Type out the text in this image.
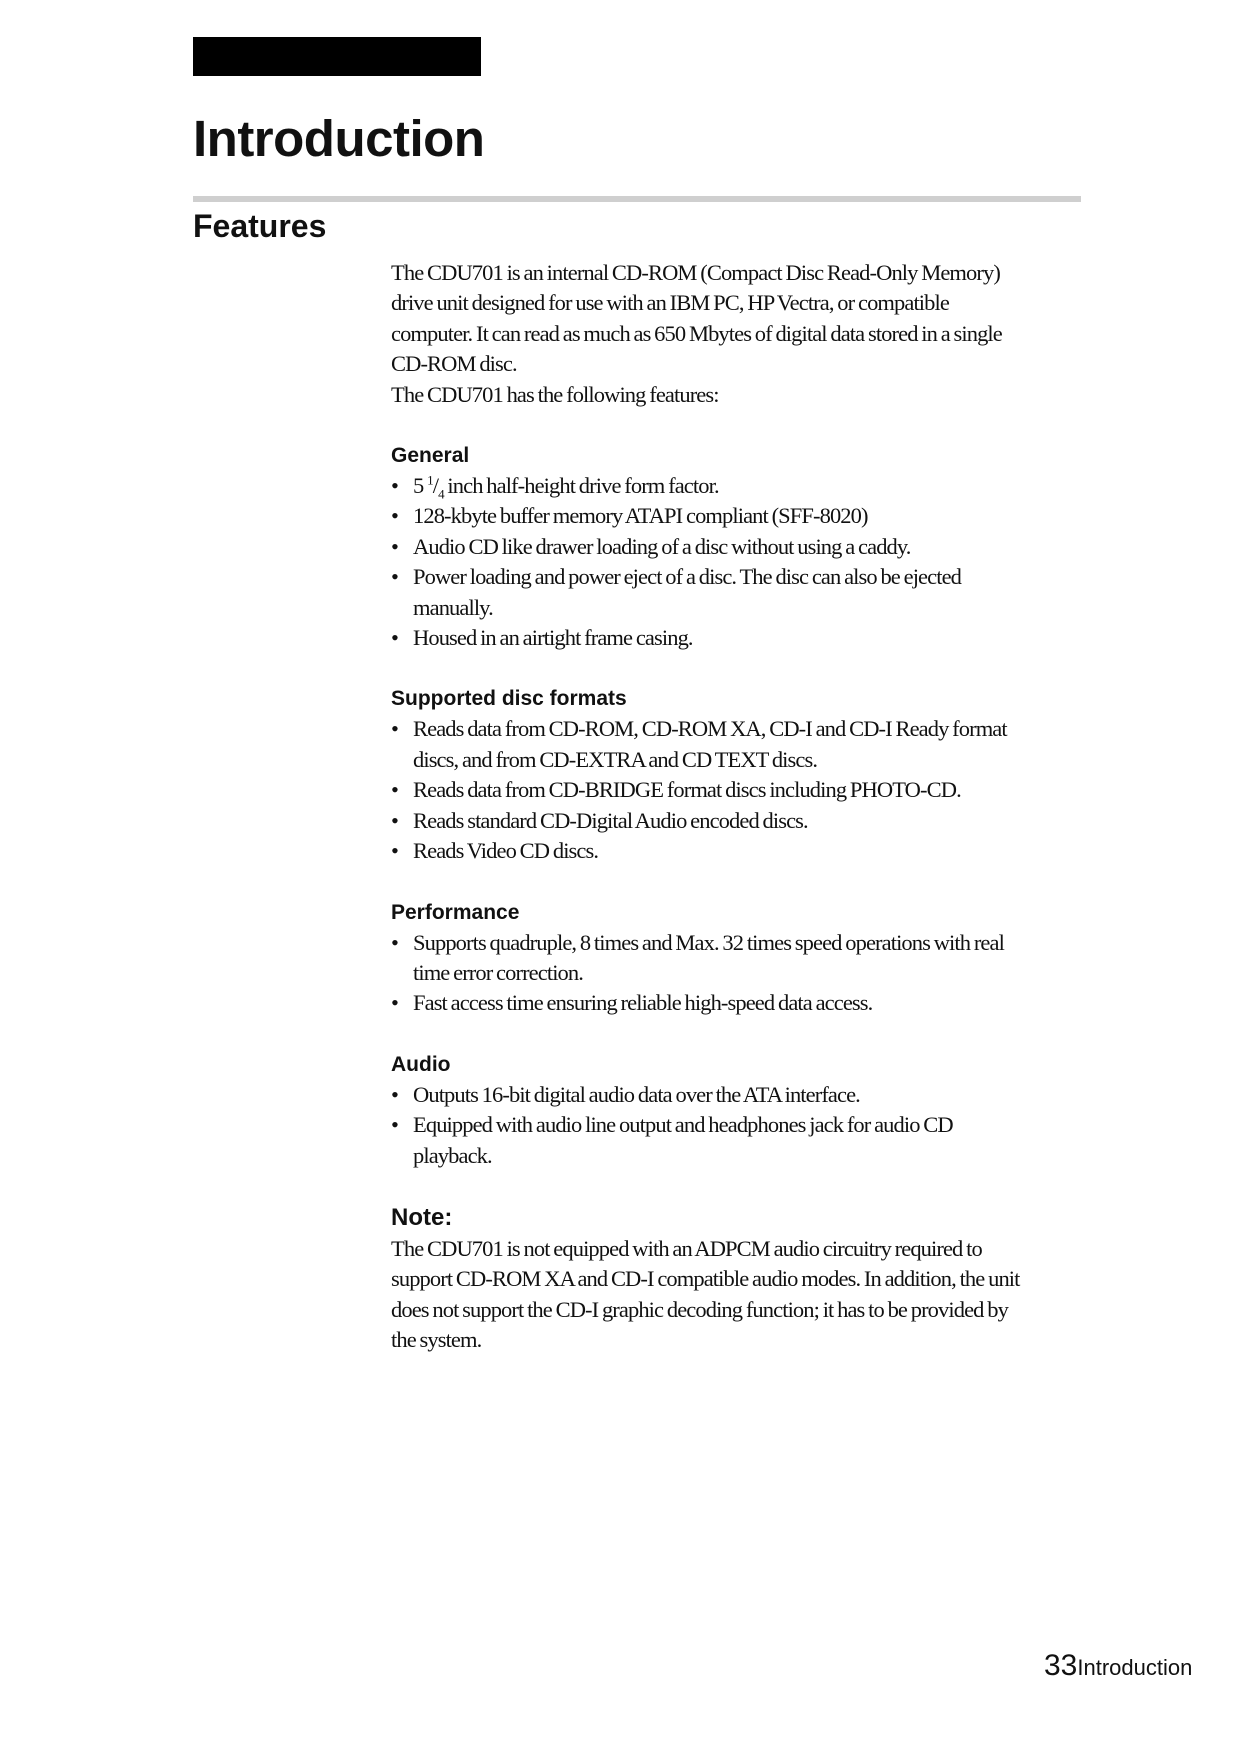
Introduction
Features

The CDU701 is an internal CD-ROM (Compact Disc Read-Only Memory) drive unit designed for use with an IBM PC, HP Vectra, or compatible computer. It can read as much as 650 Mbytes of digital data stored in a single CD-ROM disc.

The CDU701 has the following features:

General
• 5 $^1/_4$ inch half-height drive form factor.
• 128-kbyte buffer memory ATAPI compliant (SFF-8020)
• Audio CD like drawer loading of a disc without using a caddy.
• Power loading and power eject of a disc. The disc can also be ejected manually.
• Housed in an airtight frame casing.
Supported disc formats
• Reads data from CD-ROM, CD-ROM XA, CD-I and CD-I Ready format discs, and from CD-EXTRA and CD TEXT discs.
• Reads data from CD-BRIDGE format discs including PHOTO-CD.
• Reads standard CD-Digital Audio encoded discs.
• Reads Video CD discs.
Performance
• Supports quadruple, 8 times and Max. 32 times speed operations with real time error correction.
• Fast access time ensuring reliable high-speed data access.
Audio
• Outputs 16-bit digital audio data over the ATA interface.
• Equipped with audio line output and headphones jack for audio CD playback.
Note:

The CDU701 is not equipped with an ADPCM audio circuitry required to support CD-ROM XA and CD-I compatible audio modes. In addition, the unit does not support the CD-I graphic decoding function; it has to be provided by the system.

33Introduction
